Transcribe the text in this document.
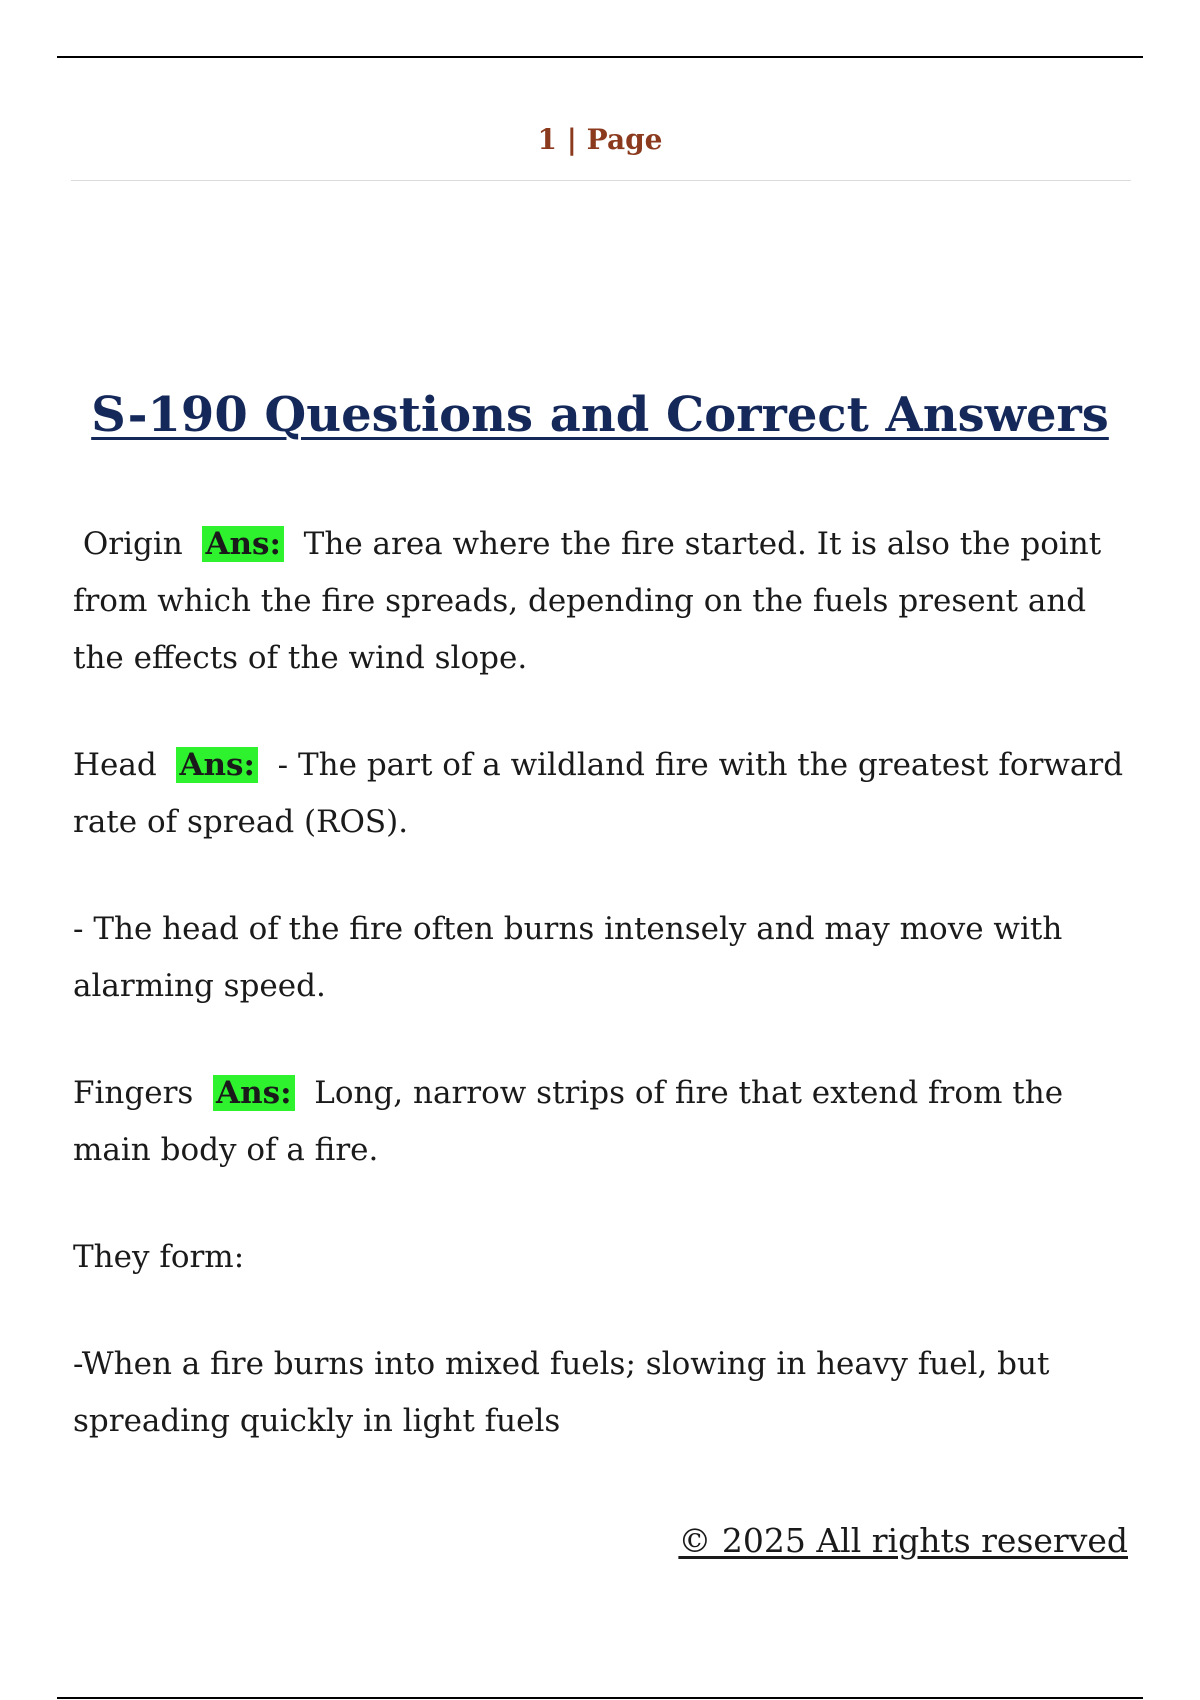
1 | Page
S-190 Questions and Correct Answers

Origin Ans: The area where the fire started. It is also the point from which the fire spreads, depending on the fuels present and the effects of the wind slope.

Head Ans: - The part of a wildland fire with the greatest forward rate of spread (ROS).

- The head of the fire often burns intensely and may move with alarming speed.

Fingers Ans: Long, narrow strips of fire that extend from the main body of a fire.

They form:

-When a fire burns into mixed fuels; slowing in heavy fuel, but spreading quickly in light fuels

© 2025 All rights reserved
